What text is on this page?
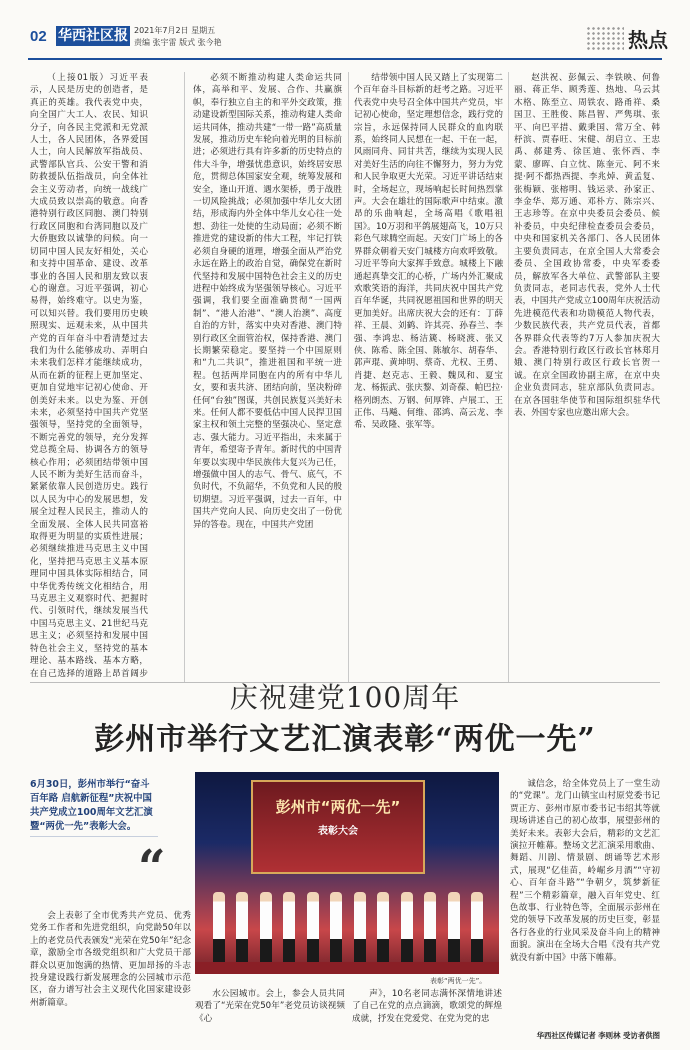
02 华西社区报 2021年7月2日 星期五
责编 张宇雷 版式 张今艳	热点

（上接01版）习近平表示，人民是历史的创造者，是真正的英雄。我代表党中央，向全国广大工人、农民、知识分子，向各民主党派和无党派人士，各人民团体，各界爱国人士，向人民解放军指战员、武警部队官兵、公安干警和消防救援队伍指战员，向全体社会主义劳动者，向统一战线广大成员致以崇高的敬意。向香港特别行政区同胞、澳门特别行政区同胞和台湾同胞以及广大侨胞致以诚挚的问候。向一切同中国人民友好相处，关心和支持中国革命、建设、改革事业的各国人民和朋友致以衷心的谢意。习近平强调，初心易得，始终难守。以史为鉴，可以知兴替。我们要用历史映照现实、远观未来，从中国共产党的百年奋斗中看清楚过去我们为什么能够成功、弄明白未来我们怎样才能继续成功，从而在新的征程上更加坚定、更加自觉地牢记初心使命、开创美好未来。以史为鉴、开创未来，必须坚持中国共产党坚强领导，坚持党的全面领导，不断完善党的领导，充分发挥党总揽全局、协调各方的领导核心作用；必须团结带领中国人民不断为美好生活而奋斗，紧紧依靠人民创造历史。践行以人民为中心的发展思想，发展全过程人民民主，推动人的全面发展、全体人民共同富裕取得更为明显的实质性进展；必须继续推进马克思主义中国化，坚持把马克思主义基本原理同中国具体实际相结合，同中华优秀传统文化相结合，用马克思主义观察时代、把握时代、引领时代，继续发展当代中国马克思主义、21世纪马克思主义；必须坚持和发展中国特色社会主义，坚持党的基本理论、基本路线、基本方略，在自己选择的道路上昂首阔步

必须不断推动构建人类命运共同体，高举和平、发展、合作、共赢旗帜，奉行独立自主的和平外交政策，推动建设新型国际关系，推动构建人类命运共同体，推动共建“一带一路”高质量发展，推动历史车轮向着光明的目标前进；必须进行具有许多新的历史特点的伟大斗争，增强忧患意识，始终居安思危，贯彻总体国家安全观，统筹发展和安全，逢山开道、遇水架桥，勇于战胜一切风险挑战；必须加强中华儿女大团结，形成海内外全体中华儿女心往一处想、劲往一处使的生动局面；必须不断推进党的建设新的伟大工程，牢记打铁必须自身硬的道理，增强全面从严治党永远在路上的政治自觉，确保党在新时代坚持和发展中国特色社会主义的历史进程中始终成为坚强领导核心。习近平强调，我们要全面准确贯彻“一国两制”、“港人治港”、“澳人治澳”、高度自治的方针，落实中央对香港、澳门特别行政区全面管治权，保持香港、澳门长期繁荣稳定。要坚持一个中国原则和“九二共识”，推进祖国和平统一进程。包括两岸同胞在内的所有中华儿女，要和衷共济、团结向前，坚决粉碎任何“台独”图谋，共创民族复兴美好未来。任何人都不要低估中国人民捍卫国家主权和领土完整的坚强决心、坚定意志、强大能力。习近平指出，未来属于青年，希望寄予青年。新时代的中国青年要以实现中华民族伟大复兴为己任，增强做中国人的志气、骨气、底气，不负时代，不负韶华，不负党和人民的殷切期望。习近平强调，过去一百年，中国共产党向人民、向历史交出了一份优异的答卷。现在，中国共产党团

结带领中国人民又踏上了实现第二个百年奋斗目标新的赶考之路。习近平代表党中央号召全体中国共产党员，牢记初心使命，坚定理想信念，践行党的宗旨，永远保持同人民群众的血肉联系，始终同人民想在一起、干在一起，风雨同舟、同甘共苦，继续为实现人民对美好生活的向往不懈努力，努力为党和人民争取更大光荣。习近平讲话结束时，全场起立，现场响起长时间热烈掌声。大会在雄壮的国际歌声中结束。激昂的乐曲响起，全场高唱《歌唱祖国》。10万羽和平鸽展翅高飞，10万只彩色气球腾空而起。天安门广场上的各界群众朝着天安门城楼方向欢呼致敬。习近平等向大家挥手致意。城楼上下融通起真挚交汇的心桥，广场内外汇聚成欢歌笑语的海洋，共同庆祝中国共产党百年华诞，共同祝愿祖国和世界的明天更加美好。出席庆祝大会的还有：丁薛祥、王晨、刘鹤、许其亮、孙春兰、李强、李鸿忠、杨洁篪、杨晓渡、张又侠、陈希、陈全国、陈敏尔、胡春华、郭声琨、黄坤明、蔡奇、尤权、王勇、肖捷、赵克志、王毅、魏凤和、夏宝龙、杨振武、张庆黎、刘奇葆、帕巴拉·格列朗杰、万钢、何厚铧、卢展工、王正伟、马飚、何维、邵鸿、高云龙、李希、吴政隆、张军等。

赵洪祝、彭佩云、李铁映、何鲁丽、蒋正华、顾秀莲、热地、乌云其木格、陈至立、周铁农、路甬祥、桑国卫、王胜俊、陈昌智、严隽琪、张平、向巴平措、戴秉国、常万全、韩杼滨、贾春旺、宋健、胡启立、王忠禹、郝建秀、徐匡迪、张怀西、李蒙、廖晖、白立忱、陈奎元、阿不来提·阿不都热西提、李兆焯、黄孟复、张梅颖、张榕明、钱运录、孙家正、李金华、郑万通、邓朴方、陈宗兴、王志珍等。在京中央委员会委员、候补委员，中央纪律检查委员会委员，中央和国家机关各部门、各人民团体主要负责同志，在京全国人大常委会委员、全国政协常委，中央军委委员，解放军各大单位、武警部队主要负责同志，老同志代表，党外人士代表，中国共产党成立100周年庆祝活动先进模范代表和功勋模范人物代表，少数民族代表，共产党员代表，首都各界群众代表等约7万人参加庆祝大会。香港特别行政区行政长官林郑月娥、澳门特别行政区行政长官贺一诚。在京全国政协副主席，在京中央企业负责同志，驻京部队负责同志。在京各国驻华使节和国际组织驻华代表、外国专家也应邀出席大会。

庆祝建党100周年
彭州市举行文艺汇演表彰“两优一先”
6月30日，彭州市举行“奋斗百年路 启航新征程”庆祝中国共产党成立100周年文艺汇演暨“两优一先”表彰大会。
“
彭州市“两优一先”
表彰大会
表彰“两优一先”。

会上表彰了全市优秀共产党员、优秀党务工作者和先进党组织，向党龄50年以上的老党员代表颁发“光荣在党50年”纪念章，激励全市各级党组织和广大党员干部群众以更加饱满的热情、更加昂扬的斗志投身建设践行新发展理念的公园城市示范区，奋力谱写社会主义现代化国家建设彭州新篇章。

水公园城市。会上，参会人员共同观看了“光荣在党50年”老党员访谈视频《心

声》，10名老同志满怀深情地讲述了自己在党的点点滴滴，歌颂党的辉煌成就，抒发在党爱党、在党为党的忠

诚信念，给全体党员上了一堂生动的“党课”。龙门山镇宝山村原党委书记贾正方、彭州市原市委书记韦绍其等就现场讲述自己的初心故事，展望彭州的美好未来。表彰大会后，精彩的文艺汇演拉开帷幕。整场文艺汇演采用歌曲、舞蹈、川剧、情景剧、朗诵等艺术形式，展现“亿佳苗，岭崛乡月酒”“守初心、百年奋斗路”“争朝夕，筑梦新征程”三个精彩篇章，融入百年党史、红色故事、行业特色等，全面展示彭州在党的领导下改革发展的历史巨变，彰显各行各业的行业风采及奋斗向上的精神面貌。演出在全场大合唱《没有共产党就没有新中国》中落下帷幕。

华西社区传媒记者 李则林 受访者供图
